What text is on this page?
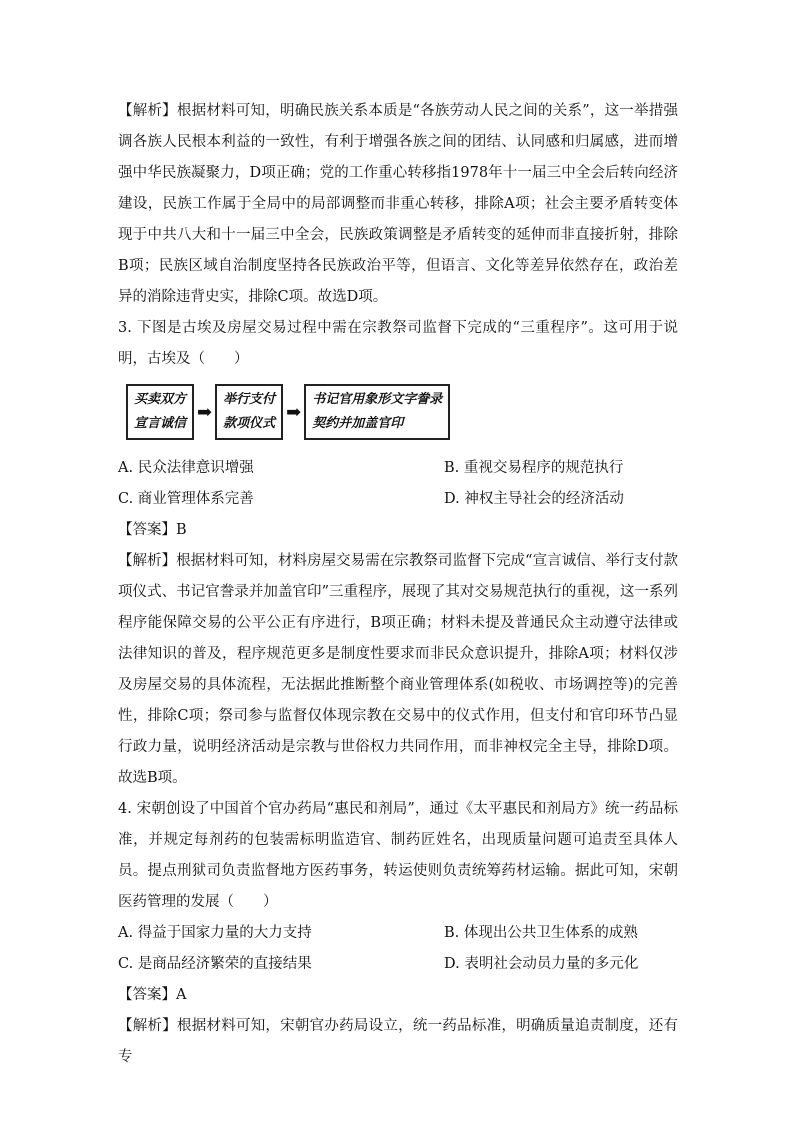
【解析】根据材料可知，明确民族关系本质是“各族劳动人民之间的关系”，这一举措强调各族人民根本利益的一致性，有利于增强各族之间的团结、认同感和归属感，进而增强中华民族凝聚力，D项正确；党的工作重心转移指1978年十一届三中全会后转向经济建设，民族工作属于全局中的局部调整而非重心转移，排除A项；社会主要矛盾转变体现于中共八大和十一届三中全会，民族政策调整是矛盾转变的延伸而非直接折射，排除B项；民族区域自治制度坚持各民族政治平等，但语言、文化等差异依然存在，政治差异的消除违背史实，排除C项。故选D项。

3. 下图是古埃及房屋交易过程中需在宗教祭司监督下完成的“三重程序”。这可用于说明，古埃及（　　）

买卖双方
宣言诚信
➡
举行支付
款项仪式
➡
书记官用象形文字誊录
契约并加盖官印
A. 民众法律意识增强	B. 重视交易程序的规范执行
C. 商业管理体系完善	D. 神权主导社会的经济活动

【答案】B

【解析】根据材料可知，材料房屋交易需在宗教祭司监督下完成“宣言诚信、举行支付款项仪式、书记官誊录并加盖官印”三重程序，展现了其对交易规范执行的重视，这一系列程序能保障交易的公平公正有序进行，B项正确；材料未提及普通民众主动遵守法律或法律知识的普及，程序规范更多是制度性要求而非民众意识提升，排除A项；材料仅涉及房屋交易的具体流程，无法据此推断整个商业管理体系(如税收、市场调控等)的完善性，排除C项；祭司参与监督仅体现宗教在交易中的仪式作用，但支付和官印环节凸显行政力量，说明经济活动是宗教与世俗权力共同作用，而非神权完全主导，排除D项。故选B项。

4. 宋朝创设了中国首个官办药局“惠民和剂局”，通过《太平惠民和剂局方》统一药品标准，并规定每剂药的包装需标明监造官、制药匠姓名，出现质量问题可追责至具体人员。提点刑狱司负责监督地方医药事务，转运使则负责统筹药材运输。据此可知，宋朝医药管理的发展（　　）

A. 得益于国家力量的大力支持	B. 体现出公共卫生体系的成熟
C. 是商品经济繁荣的直接结果	D. 表明社会动员力量的多元化

【答案】A

【解析】根据材料可知，宋朝官办药局设立，统一药品标准，明确质量追责制度，还有专
